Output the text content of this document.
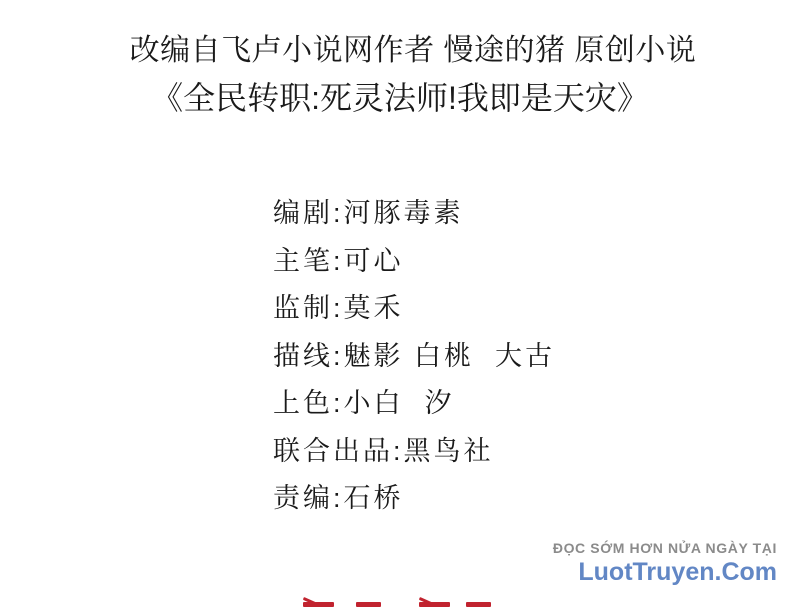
改编自飞卢小说网作者 慢途的猪 原创小说
《全民转职:死灵法师!我即是天灾》
编剧:河豚毒素
主笔:可心
监制:莫禾
描线:魅影 白桃  大古
上色:小白  汐
联合出品:黑鸟社
责编:石桥
ĐỌC SỚM HƠN NỬA NGÀY TẠI
LuotTruyen.Com
